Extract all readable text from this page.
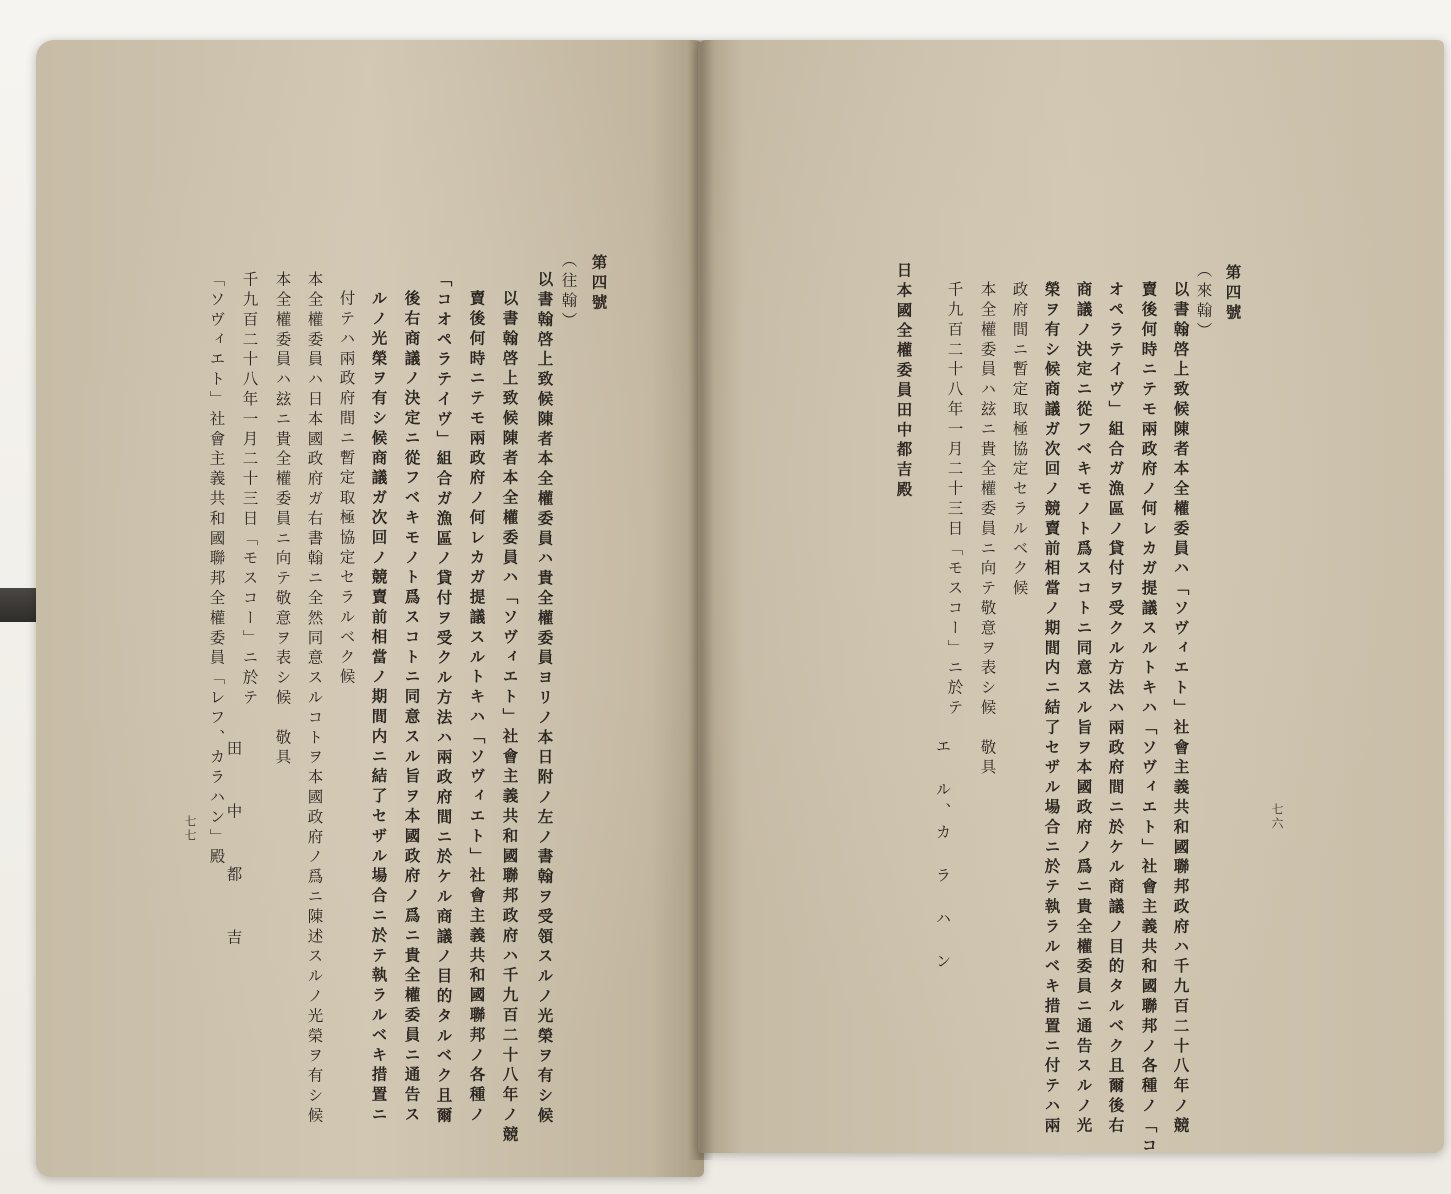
第四號
（往翰）
以書翰啓上致候陳者本全權委員ハ貴全權委員ヨリノ本日附ノ左ノ書翰ヲ受領スルノ光榮ヲ有シ候
以書翰啓上致候陳者本全權委員ハ「ソヴィエト」社會主義共和國聯邦政府ハ千九百二十八年ノ競
賣後何時ニテモ兩政府ノ何レカガ提議スルトキハ「ソヴィエト」社會主義共和國聯邦ノ各種ノ
「コオペラテイヴ」組合ガ漁區ノ貸付ヲ受クル方法ハ兩政府間ニ於ケル商議ノ目的タルベク且爾
後右商議ノ決定ニ從フベキモノト爲スコトニ同意スル旨ヲ本國政府ノ爲ニ貴全權委員ニ通告ス
ルノ光榮ヲ有シ候商議ガ次回ノ競賣前相當ノ期間内ニ結了セザル場合ニ於テ執ラルベキ措置ニ
付テハ兩政府間ニ暫定取極協定セラルベク候
本全權委員ハ日本國政府ガ右書翰ニ全然同意スルコトヲ本國政府ノ爲ニ陳述スルノ光榮ヲ有シ候
本全權委員ハ玆ニ貴全權委員ニ向テ敬意ヲ表シ候　敬具
千九百二十八年一月二十三日「モスコー」ニ於テ
「ソヴィエト」社會主義共和國聯邦全權委員「レフ、カラハン」殿 田　中　都　吉
七七
第四號
（來翰）
以書翰啓上致候陳者本全權委員ハ「ソヴィエト」社會主義共和國聯邦政府ハ千九百二十八年ノ競
賣後何時ニテモ兩政府ノ何レカガ提議スルトキハ「ソヴィエト」社會主義共和國聯邦ノ各種ノ「コ
オペラテイヴ」組合ガ漁區ノ貸付ヲ受クル方法ハ兩政府間ニ於ケル商議ノ目的タルベク且爾後右
商議ノ決定ニ從フベキモノト爲スコトニ同意スル旨ヲ本國政府ノ爲ニ貴全權委員ニ通告スルノ光
榮ヲ有シ候商議ガ次回ノ競賣前相當ノ期間内ニ結了セザル場合ニ於テ執ラルベキ措置ニ付テハ兩
政府間ニ暫定取極協定セラルベク候
本全權委員ハ玆ニ貴全權委員ニ向テ敬意ヲ表シ候　敬具
千九百二十八年一月二十三日「モスコー」ニ於テ
日本國全權委員田中都吉殿
エ　ル、カ　ラ　ハ　ン	七六
